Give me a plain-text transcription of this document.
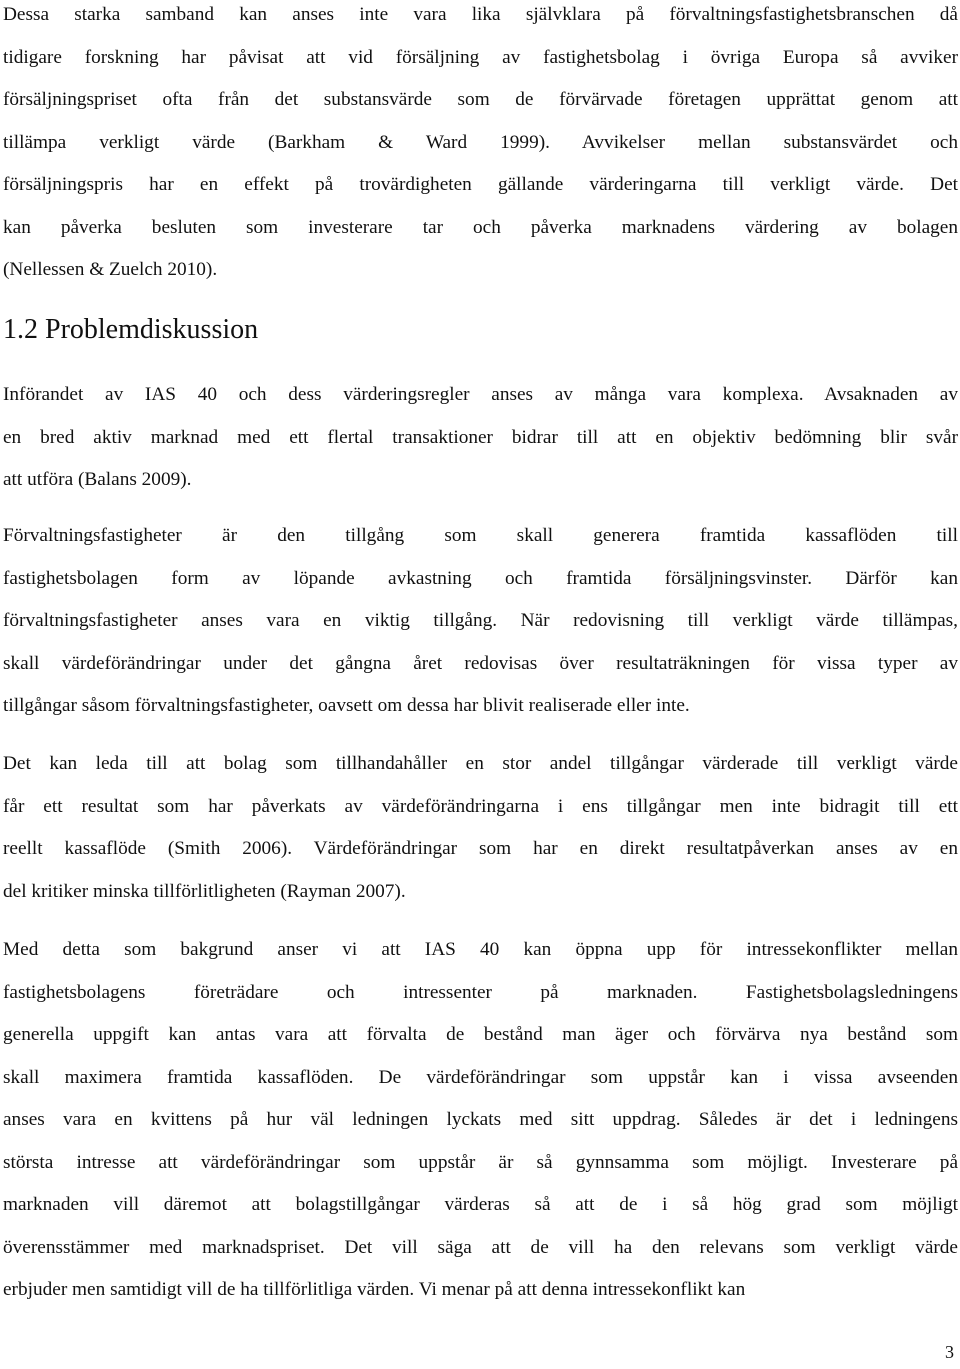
Dessa starka samband kan anses inte vara lika självklara på förvaltningsfastighetsbranschen då
tidigare forskning har påvisat att vid försäljning av fastighetsbolag i övriga Europa så avviker
försäljningspriset ofta från det substansvärde som de förvärvade företagen upprättat genom att
tillämpa verkligt värde (Barkham & Ward 1999). Avvikelser mellan substansvärdet och
försäljningspris har en effekt på trovärdigheten gällande värderingarna till verkligt värde. Det
kan påverka besluten som investerare tar och påverka marknadens värdering av bolagen
(Nellessen & Zuelch 2010).
1.2 Problemdiskussion
Införandet av IAS 40 och dess värderingsregler anses av många vara komplexa. Avsaknaden av
en bred aktiv marknad med ett flertal transaktioner bidrar till att en objektiv bedömning blir svår
att utföra (Balans 2009).
Förvaltningsfastigheter är den tillgång som skall generera framtida kassaflöden till
fastighetsbolagen form av löpande avkastning och framtida försäljningsvinster. Därför kan
förvaltningsfastigheter anses vara en viktig tillgång. När redovisning till verkligt värde tillämpas,
skall värdeförändringar under det gångna året redovisas över resultaträkningen för vissa typer av
tillgångar såsom förvaltningsfastigheter, oavsett om dessa har blivit realiserade eller inte.
Det kan leda till att bolag som tillhandahåller en stor andel tillgångar värderade till verkligt värde
får ett resultat som har påverkats av värdeförändringarna i ens tillgångar men inte bidragit till ett
reellt kassaflöde (Smith 2006). Värdeförändringar som har en direkt resultatpåverkan anses av en
del kritiker minska tillförlitligheten (Rayman 2007).
Med detta som bakgrund anser vi att IAS 40 kan öppna upp för intressekonflikter mellan
fastighetsbolagens företrädare och intressenter på marknaden. Fastighetsbolagsledningens
generella uppgift kan antas vara att förvalta de bestånd man äger och förvärva nya bestånd som
skall maximera framtida kassaflöden. De värdeförändringar som uppstår kan i vissa avseenden
anses vara en kvittens på hur väl ledningen lyckats med sitt uppdrag. Således är det i ledningens
största intresse att värdeförändringar som uppstår är så gynnsamma som möjligt. Investerare på
marknaden vill däremot att bolagstillgångar värderas så att de i så hög grad som möjligt
överensstämmer med marknadspriset. Det vill säga att de vill ha den relevans som verkligt värde
erbjuder men samtidigt vill de ha tillförlitliga värden. Vi menar på att denna intressekonflikt kan
3
